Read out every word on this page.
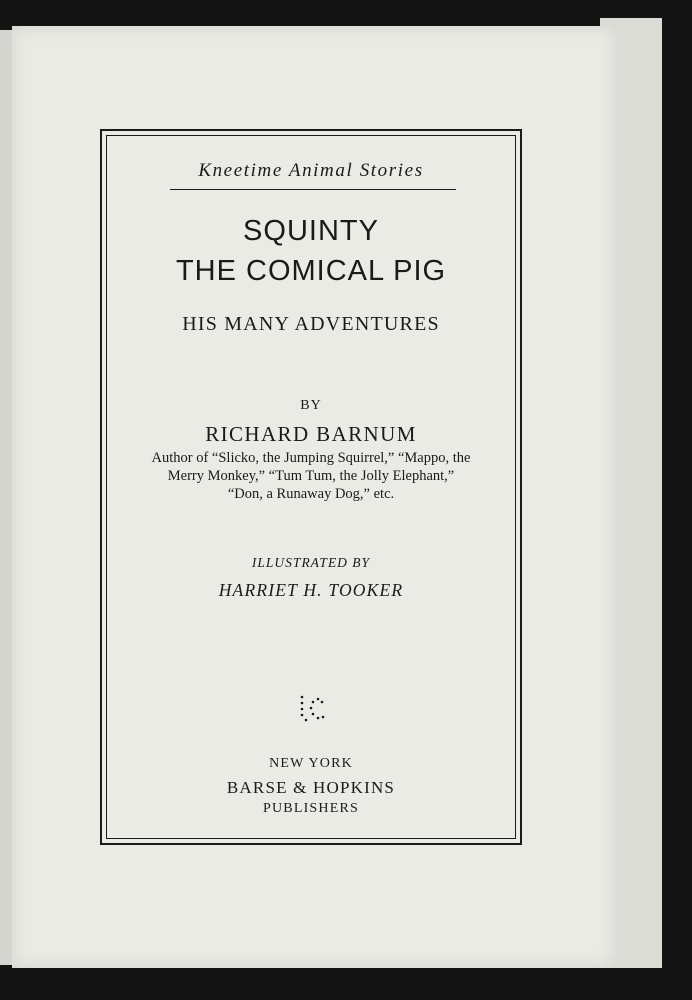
Kneetime Animal Stories
SQUINTY
THE COMICAL PIG
HIS MANY ADVENTURES
BY
RICHARD BARNUM
Author of “Slicko, the Jumping Squirrel,” “Mappo, the
Merry Monkey,” “Tum Tum, the Jolly Elephant,”
“Don, a Runaway Dog,” etc.
ILLUSTRATED BY
HARRIET H. TOOKER
NEW YORK
BARSE & HOPKINS
PUBLISHERS
